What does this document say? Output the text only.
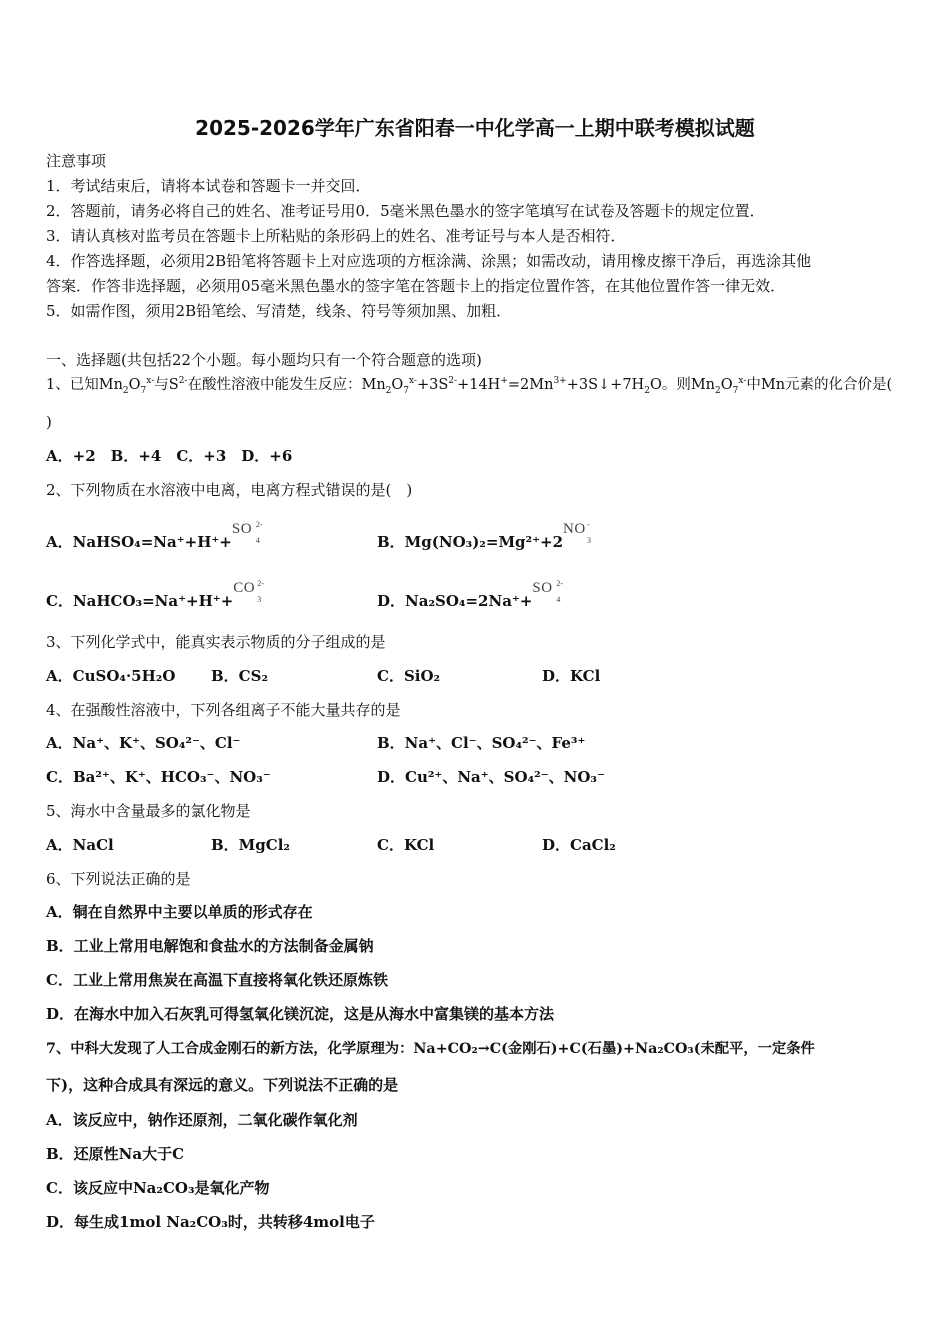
2025-2026学年广东省阳春一中化学高一上期中联考模拟试题
注意事项
1．考试结束后，请将本试卷和答题卡一并交回．
2．答题前，请务必将自己的姓名、准考证号用0．5毫米黑色墨水的签字笔填写在试卷及答题卡的规定位置．
3．请认真核对监考员在答题卡上所粘贴的条形码上的姓名、准考证号与本人是否相符．
4．作答选择题，必须用2B铅笔将答题卡上对应选项的方框涂满、涂黑；如需改动，请用橡皮擦干净后，再选涂其他
答案．作答非选择题，必须用05毫米黑色墨水的签字笔在答题卡上的指定位置作答，在其他位置作答一律无效．
5．如需作图，须用2B铅笔绘、写清楚，线条、符号等须加黑、加粗．
一、选择题(共包括22个小题。每小题均只有一个符合题意的选项)
1、已知$Mn_2O_7^{x-}$与$S^{2-}$在酸性溶液中能发生反应：$Mn_2O_7^{x-}+3S^{2-}+14H^+=2Mn^{3+}+3S↓+7H_2O$。则$Mn_2O_7^{x-}$中Mn元素的化合价是(
)
A．+2　B．+4　C．+3　D．+6
2、下列物质在水溶液中电离，电离方程式错误的是(　)
A．NaHSO₄=Na⁺+H⁺+
SO 2-
4	B．Mg(NO₃)₂=Mg²⁺+2
NO -
3
C．NaHCO₃=Na⁺+H⁺+
CO 2-
3	D．Na₂SO₄=2Na⁺+
SO 2-
4
3、下列化学式中，能真实表示物质的分子组成的是
A．CuSO₄·5H₂O B．CS₂	C．SiO₂	D．KCl
4、在强酸性溶液中，下列各组离子不能大量共存的是
A．Na⁺、K⁺、SO₄²⁻、Cl⁻	B．Na⁺、Cl⁻、SO₄²⁻、Fe³⁺
C．Ba²⁺、K⁺、HCO₃⁻、NO₃⁻	D．Cu²⁺、Na⁺、SO₄²⁻、NO₃⁻
5、海水中含量最多的氯化物是
A．NaCl	B．MgCl₂	C．KCl	D．CaCl₂
6、下列说法正确的是
A．铜在自然界中主要以单质的形式存在
B．工业上常用电解饱和食盐水的方法制备金属钠
C．工业上常用焦炭在高温下直接将氧化铁还原炼铁
D．在海水中加入石灰乳可得氢氧化镁沉淀，这是从海水中富集镁的基本方法
7、中科大发现了人工合成金刚石的新方法，化学原理为：Na+CO₂→C(金刚石)+C(石墨)+Na₂CO₃(未配平，一定条件
下)，这种合成具有深远的意义。下列说法不正确的是
A．该反应中，钠作还原剂，二氧化碳作氧化剂
B．还原性Na大于C
C．该反应中Na₂CO₃是氧化产物
D．每生成1mol Na₂CO₃时，共转移4mol电子
